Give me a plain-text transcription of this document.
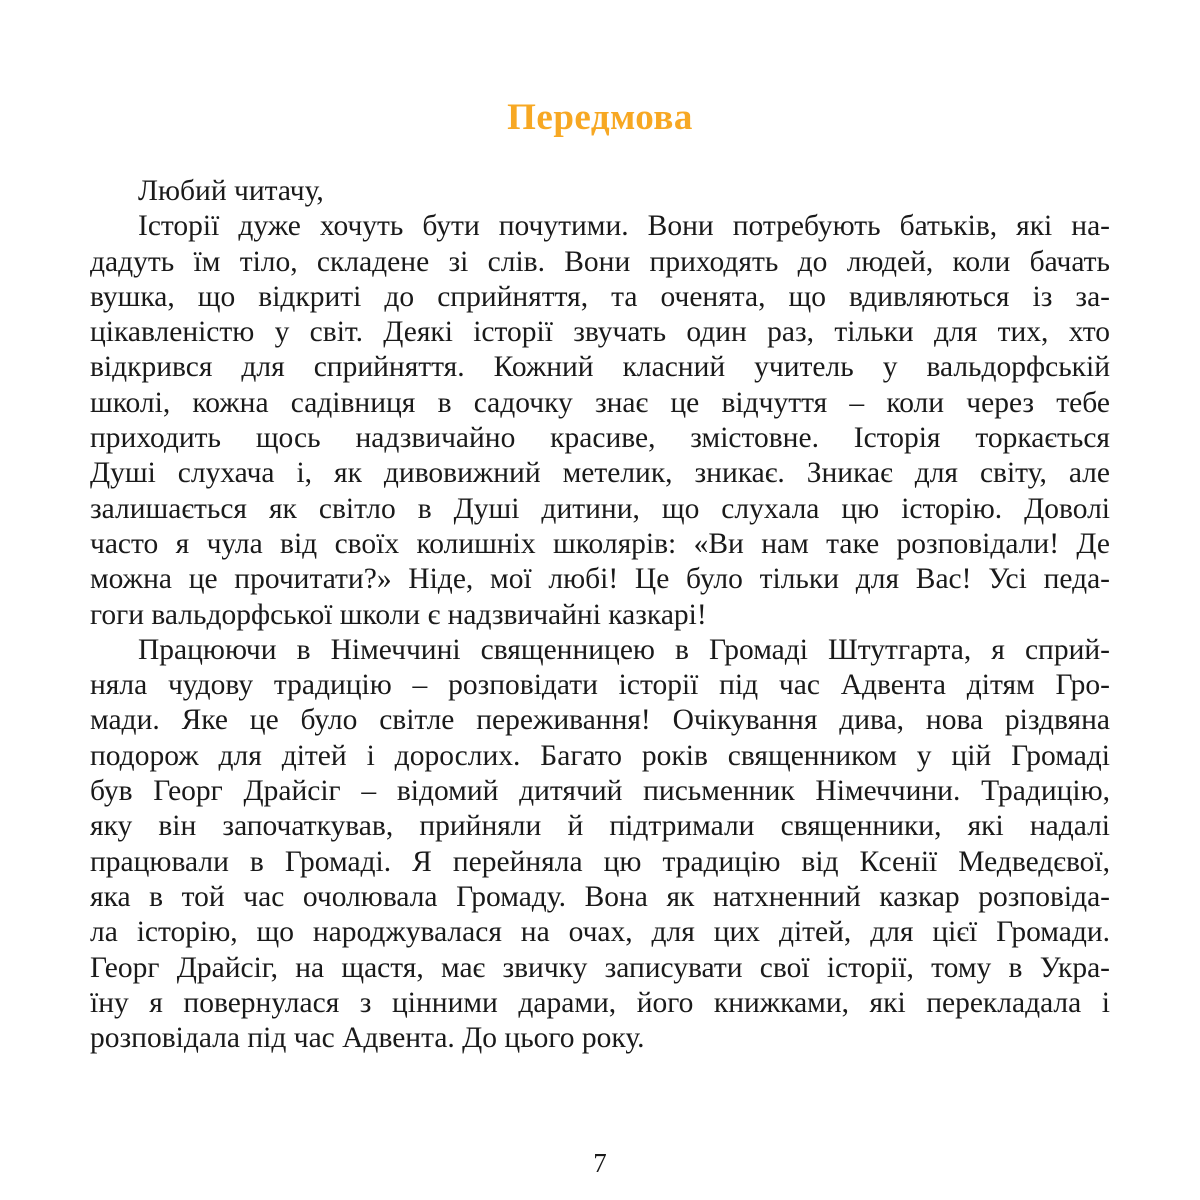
Передмова
Любий читачу,
Історії дуже хочуть бути почутими. Вони потребують батьків, які на-
дадуть їм тіло, складене зі слів. Вони приходять до людей, коли бачать
вушка, що відкриті до сприйняття, та оченята, що вдивляються із за-
цікавленістю у світ. Деякі історії звучать один раз, тільки для тих, хто
відкрився для сприйняття. Кожний класний учитель у вальдорфській
школі, кожна садівниця в садочку знає це відчуття – коли через тебе
приходить щось надзвичайно красиве, змістовне. Історія торкається
Душі слухача і, як дивовижний метелик, зникає. Зникає для світу, але
залишається як світло в Душі дитини, що слухала цю історію. Доволі
часто я чула від своїх колишніх школярів: «Ви нам таке розповідали! Де
можна це прочитати?» Ніде, мої любі! Це було тільки для Вас! Усі педа-
гоги вальдорфської школи є надзвичайні казкарі!
Працюючи в Німеччині священницею в Громаді Штутгарта, я сприй-
няла чудову традицію – розповідати історії під час Адвента дітям Гро-
мади. Яке це було світле переживання! Очікування дива, нова різдвяна
подорож для дітей і дорослих. Багато років священником у цій Громаді
був Георг Драйсіг – відомий дитячий письменник Німеччини. Традицію,
яку він започаткував, прийняли й підтримали священники, які надалі
працювали в Громаді. Я перейняла цю традицію від Ксенії Медведєвої,
яка в той час очолювала Громаду. Вона як натхненний казкар розповіда-
ла історію, що народжувалася на очах, для цих дітей, для цієї Громади.
Георг Драйсіг, на щастя, має звичку записувати свої історії, тому в Укра-
їну я повернулася з цінними дарами, його книжками, які перекладала і
розповідала під час Адвента. До цього року.
7
